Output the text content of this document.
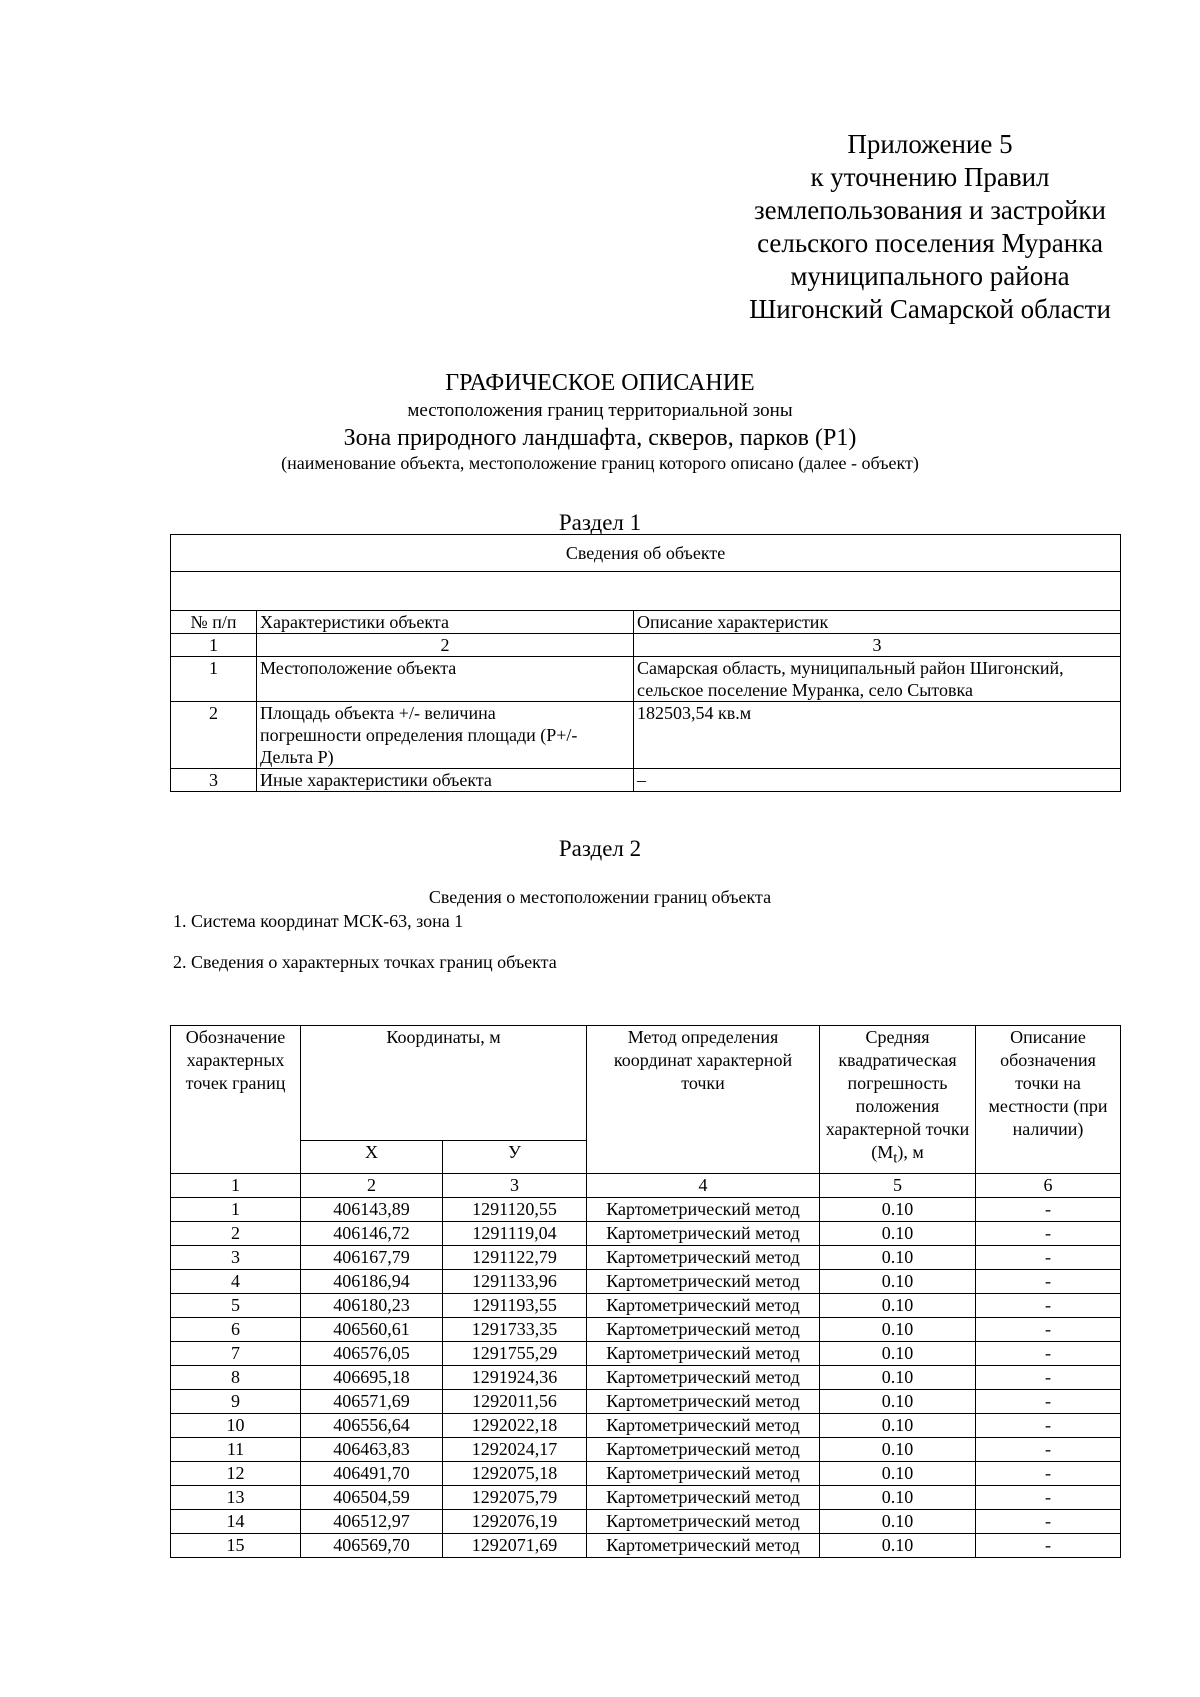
Приложение 5
к уточнению Правил
землепользования и застройки
сельского поселения Муранка
муниципального района
Шигонский Самарской области
ГРАФИЧЕСКОЕ ОПИСАНИЕ
местоположения границ территориальной зоны
Зона природного ландшафта, скверов, парков (Р1)
(наименование объекта, местоположение границ которого описано (далее - объект)
Раздел 1
Сведения об объекте		

№ п/п	Характеристики объекта	Описание характеристик
1	2	3
1	Местоположение объекта	Самарская область, муниципальный район Шигонский, сельское поселение Муранка, село Сытовка
2	Площадь объекта +/- величина погрешности определения площади (Р+/- Дельта Р)	182503,54 кв.м
3	Иные характеристики объекта	–
Раздел 2
Сведения о местоположении границ объекта
1. Система координат МСК-63, зона 1
2. Сведения о характерных точках границ объекта
Обозначение характерных точек границ	Координаты, м		Метод определения координат характерной точки	Средняя квадратическая погрешность положения характерной точки $(M_t)$, м	Описание обозначения точки на местности (при наличии)
	X	У			
1	2	3	4	5	6
1	406143,89	1291120,55	Картометрический метод	0.10	-
2	406146,72	1291119,04	Картометрический метод	0.10	-
3	406167,79	1291122,79	Картометрический метод	0.10	-
4	406186,94	1291133,96	Картометрический метод	0.10	-
5	406180,23	1291193,55	Картометрический метод	0.10	-
6	406560,61	1291733,35	Картометрический метод	0.10	-
7	406576,05	1291755,29	Картометрический метод	0.10	-
8	406695,18	1291924,36	Картометрический метод	0.10	-
9	406571,69	1292011,56	Картометрический метод	0.10	-
10	406556,64	1292022,18	Картометрический метод	0.10	-
11	406463,83	1292024,17	Картометрический метод	0.10	-
12	406491,70	1292075,18	Картометрический метод	0.10	-
13	406504,59	1292075,79	Картометрический метод	0.10	-
14	406512,97	1292076,19	Картометрический метод	0.10	-
15	406569,70	1292071,69	Картометрический метод	0.10	-
